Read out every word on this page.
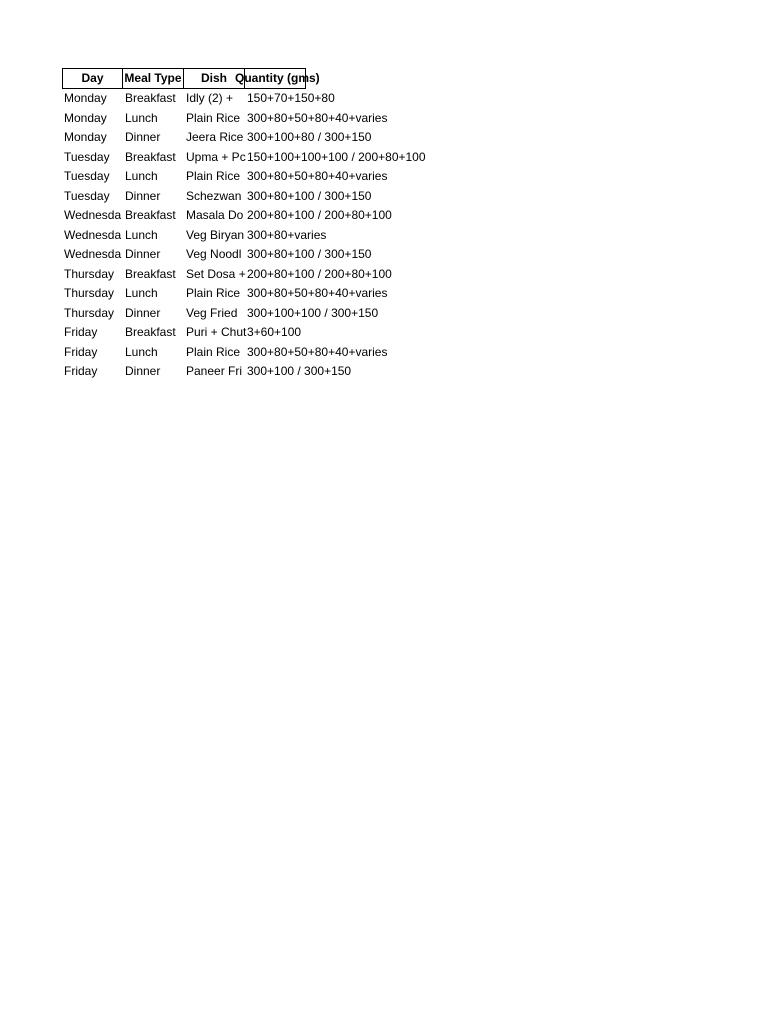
Day	Meal Type	Dish Quantity (gms)
Monday	Breakfast Idly (2) +	150+70+150+80
Monday	Lunch	Plain Rice 300+80+50+80+40+varies
Monday	Dinner	Jeera Rice 300+100+80 / 300+150
Tuesday	Breakfast Upma + Pc 150+100+100+100 / 200+80+100
Tuesday	Lunch	Plain Rice 300+80+50+80+40+varies
Tuesday	Dinner	Schezwan 300+80+100 / 300+150
Wednesda Breakfast Masala Do 200+80+100 / 200+80+100
Wednesda Lunch	Veg Biryan 300+80+varies
Wednesda Dinner	Veg Noodl 300+80+100 / 300+150
Thursday Breakfast Set Dosa + 200+80+100 / 200+80+100
Thursday Lunch	Plain Rice 300+80+50+80+40+varies
Thursday Dinner	Veg Fried 300+100+100 / 300+150
Friday	Breakfast Puri + Chut 3+60+100
Friday	Lunch	Plain Rice 300+80+50+80+40+varies
Friday	Dinner	Paneer Fri 300+100 / 300+150
